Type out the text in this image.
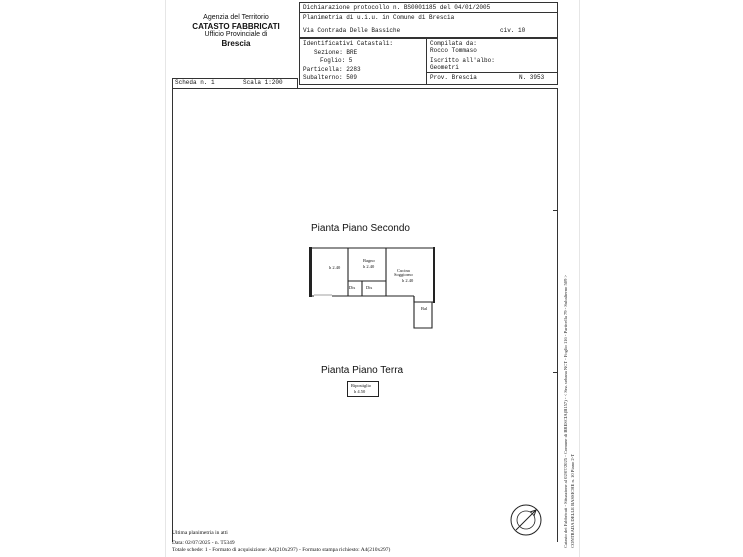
Agenzia del Territorio
CATASTO FABBRICATI
Ufficio Provinciale di
Brescia
Dichiarazione protocollo n. BS0001185 del 04/01/2005
Planimetria di u.i.u. in Comune di Brescia
Via Contrada Delle Bassiche	civ. 10
Identificativi Catastali:
Sezione: BRE
Foglio: 5
Particella: 2283
Subalterno: 509
Compilata da:
Rocco Tommaso
Iscritto all'albo:
Geometri
Prov. Brescia	N. 3953
Scheda n. 1	Scala 1:200
Pianta Piano Secondo
h 2.40
Bagno
h 2.40
Cucina
Soggiorno
h 2.40
Dis Dis
Bal
Pianta Piano Terra
Ripostiglio
h 4.50
Ultima planimetria in atti
Data: 02/07/2025 - n. T5349
Totale schede: 1 - Formato di acquisizione: A4(210x297) - Formato stampa richiesto: A4(210x297)
Catasto dei Fabbricati - Situazione al 02/07/2025 - Comune di BRESCIA(B157) - < Sez. urbana NCT - Foglio 116 - Particella 79 - Subalterno 509 > CONTRADA DELLE BASSICHE n. 10 Piano 2-T
